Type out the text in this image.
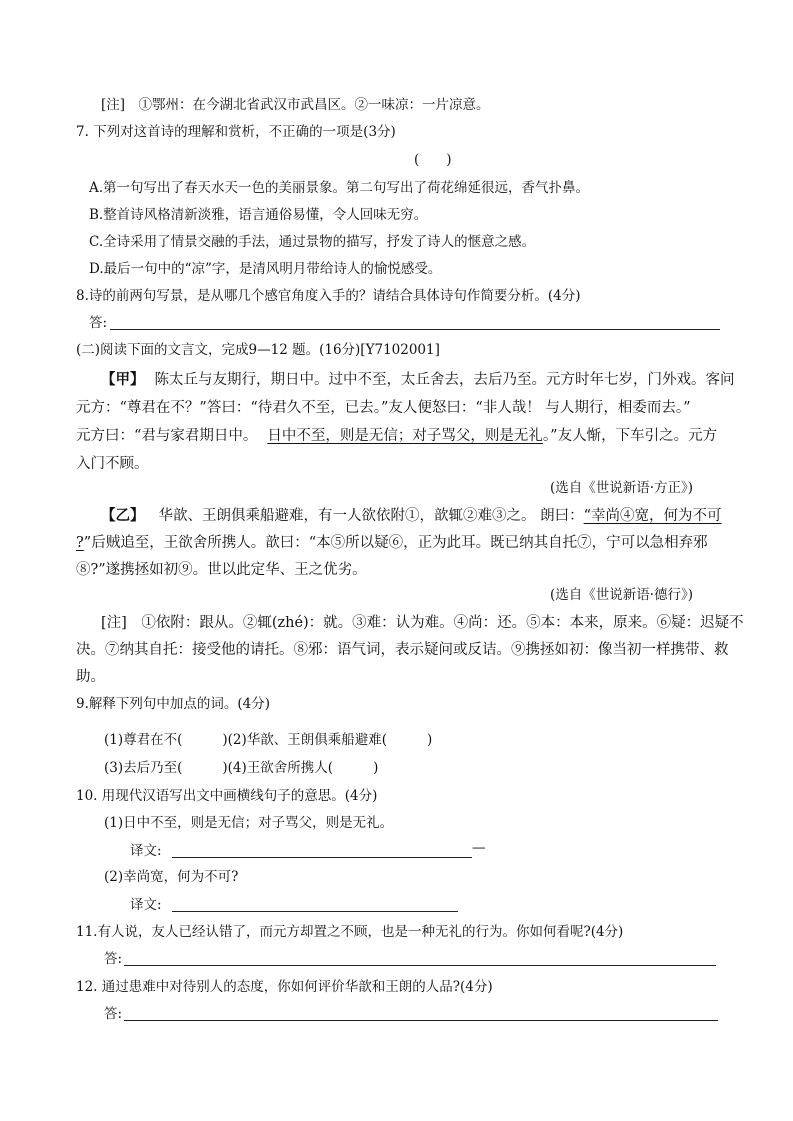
[注]　①鄂州：在今湖北省武汉市武昌区。②一味凉：一片凉意。
7. 下列对这首诗的理解和赏析，不正确的一项是(3分)
(　　)
A.第一句写出了春天水天一色的美丽景象。第二句写出了荷花绵延很远，香气扑鼻。
B.整首诗风格清新淡雅，语言通俗易懂，令人回味无穷。
C.全诗采用了情景交融的手法，通过景物的描写，抒发了诗人的惬意之感。
D.最后一句中的“凉”字，是清风明月带给诗人的愉悦感受。
8.诗的前两句写景，是从哪几个感官角度入手的？请结合具体诗句作简要分析。(4分)
答:
(二)阅读下面的文言文，完成9—12 题。(16分)[Y7102001]
【甲】 陈太丘与友期行，期日中。过中不至，太丘舍去，去后乃至。元方时年七岁，门外戏。客问
元方：“尊君在不？”答曰：“待君久不至，已去。”友人便怒曰：“非人哉！ 与人期行，相委而去。”
元方曰：“君与家君期日中。 日中不至，则是无信；对子骂父，则是无礼。”友人惭，下车引之。元方
入门不顾。
(选自《世说新语·方正》)
【乙】 华歆、王朗俱乘船避难，有一人欲依附①，歆辄②难③之。 朗曰：“幸尚④宽，何为不可
?”后贼追至，王欲舍所携人。歆曰：“本⑤所以疑⑥，正为此耳。既已纳其自托⑦，宁可以急相弃邪
⑧?”遂携拯如初⑨。世以此定华、王之优劣。
(选自《世说新语·德行》)
[注]　①依附：跟从。②辄(zhé)：就。③难：认为难。④尚：还。⑤本：本来，原来。⑥疑：迟疑不
决。⑦纳其自托：接受他的请托。⑧邪：语气词，表示疑问或反诘。⑨携拯如初：像当初一样携带、救
助。
9.解释下列句中加点的词。(4分)
(1)尊君在不(	)(2)华歆、王朗俱乘船避难(	)
(3)去后乃至(	)(4)王欲舍所携人(	)
10. 用现代汉语写出文中画横线句子的意思。(4分)
(1)日中不至，则是无信；对子骂父，则是无礼。
译文:	—
(2)幸尚宽，何为不可?
译文:
11.有人说，友人已经认错了，而元方却置之不顾，也是一种无礼的行为。你如何看呢?(4分)
答:
12. 通过患难中对待别人的态度，你如何评价华歆和王朗的人品?(4分)
答:
